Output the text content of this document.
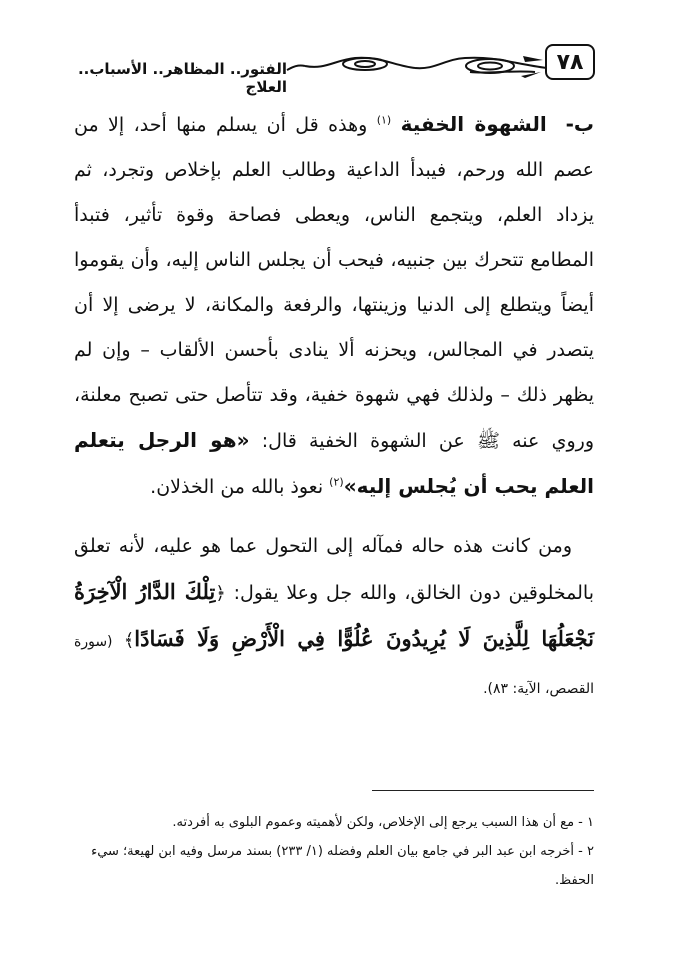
٧٨
الفتور.. المظاهر.. الأسباب.. العلاج

ب-  الشهوة الخفية $^{(١)}$ وهذه قل أن يسلم منها أحد، إلا من عصم الله ورحم، فيبدأ الداعية وطالب العلم بإخلاص وتجرد، ثم يزداد العلم، ويتجمع الناس، ويعطى فصاحة وقوة تأثير، فتبدأ المطامع تتحرك بين جنبيه، فيحب أن يجلس الناس إليه، وأن يقوموا أيضاً ويتطلع إلى الدنيا وزينتها، والرفعة والمكانة، لا يرضى إلا أن يتصدر في المجالس، ويحزنه ألا ينادى بأحسن الألقاب – وإن لم يظهر ذلك – ولذلك فهي شهوة خفية، وقد تتأصل حتى تصبح معلنة، وروي عنه ﷺ عن الشهوة الخفية قال: «هو الرجل يتعلم العلم يحب أن يُجلس إليه»$^{(٢)}$ نعوذ بالله من الخذلان.

ومن كانت هذه حاله فمآله إلى التحول عما هو عليه، لأنه تعلق بالمخلوقين دون الخالق، والله جل وعلا يقول: ﴿تِلْكَ الدَّارُ الْآخِرَةُ نَجْعَلُهَا لِلَّذِينَ لَا يُرِيدُونَ عُلُوًّا فِي الْأَرْضِ وَلَا فَسَادًا﴾ (سورة القصص، الآية: ٨٣).

١ - مع أن هذا السبب يرجع إلى الإخلاص، ولكن لأهميته وعموم البلوى به أفردته.

٢ - أخرجه ابن عبد البر في جامع بيان العلم وفضله (١/ ٢٣٣) بسند مرسل وفيه ابن لهيعة؛ سيء الحفظ.
